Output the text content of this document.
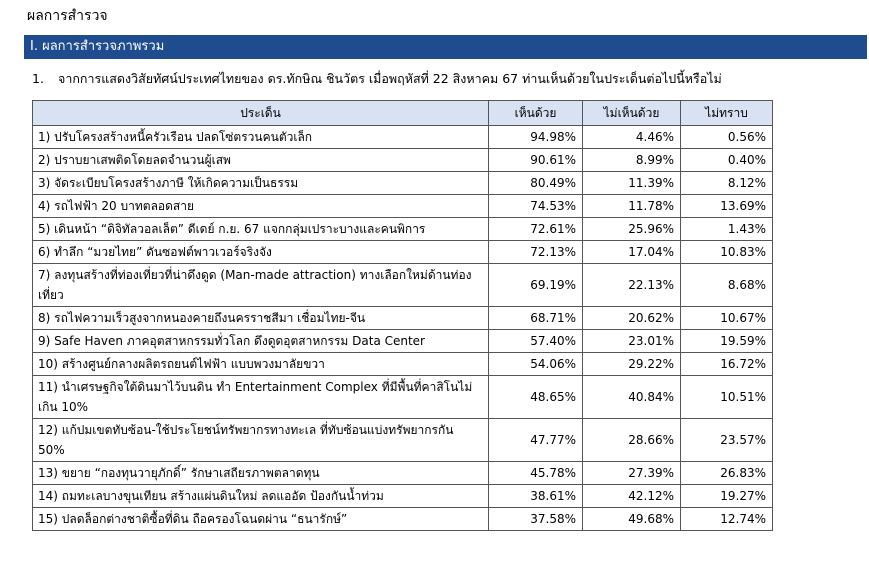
ผลการสำรวจ
I. ผลการสำรวจภาพรวม
1. จากการแสดงวิสัยทัศน์ประเทศไทยของ ดร.ทักษิณ ชินวัตร เมื่อพฤหัสที่ 22 สิงหาคม 67 ท่านเห็นด้วยในประเด็นต่อไปนี้หรือไม่
ประเด็น	เห็นด้วย	ไม่เห็นด้วย	ไม่ทราบ
1) ปรับโครงสร้างหนี้ครัวเรือน ปลดโซ่ตรวนคนตัวเล็ก	94.98%	4.46%	0.56%
2) ปราบยาเสพติดโดยลดจำนวนผู้เสพ	90.61%	8.99%	0.40%
3) จัดระเบียบโครงสร้างภาษี ให้เกิดความเป็นธรรม	80.49%	11.39%	8.12%
4) รถไฟฟ้า 20 บาทตลอดสาย	74.53%	11.78%	13.69%
5) เดินหน้า “ดิจิทัลวอลเล็ต” ดีเดย์ ก.ย. 67 แจกกลุ่มเปราะบางและคนพิการ	72.61%	25.96%	1.43%
6) ทำลึก “มวยไทย” ดันซอฟต์พาวเวอร์จริงจัง	72.13%	17.04%	10.83%
7) ลงทุนสร้างที่ท่องเที่ยวที่น่าดึงดูด (Man-made attraction) ทางเลือกใหม่ด้านท่องเที่ยว	69.19%	22.13%	8.68%
8) รถไฟความเร็วสูงจากหนองคายถึงนครราชสีมา เชื่อมไทย-จีน	68.71%	20.62%	10.67%
9) Safe Haven ภาคอุตสาหกรรมทั่วโลก ดึงดูดอุตสาหกรรม Data Center	57.40%	23.01%	19.59%
10) สร้างศูนย์กลางผลิตรถยนต์ไฟฟ้า แบบพวงมาลัยขวา	54.06%	29.22%	16.72%
11) นำเศรษฐกิจใต้ดินมาไว้บนดิน ทำ Entertainment Complex ที่มีพื้นที่คาสิโนไม่เกิน 10%	48.65%	40.84%	10.51%
12) แก้ปมเขตทับซ้อน-ใช้ประโยชน์ทรัพยากรทางทะเล ที่ทับซ้อนแบ่งทรัพยากรกัน 50%	47.77%	28.66%	23.57%
13) ขยาย “กองทุนวายุภักดิ์” รักษาเสถียรภาพตลาดทุน	45.78%	27.39%	26.83%
14) ถมทะเลบางขุนเทียน สร้างแผ่นดินใหม่ ลดแออัด ป้องกันน้ำท่วม	38.61%	42.12%	19.27%
15) ปลดล็อกต่างชาติซื้อที่ดิน ถือครองโฉนดผ่าน “ธนารักษ์”	37.58%	49.68%	12.74%
